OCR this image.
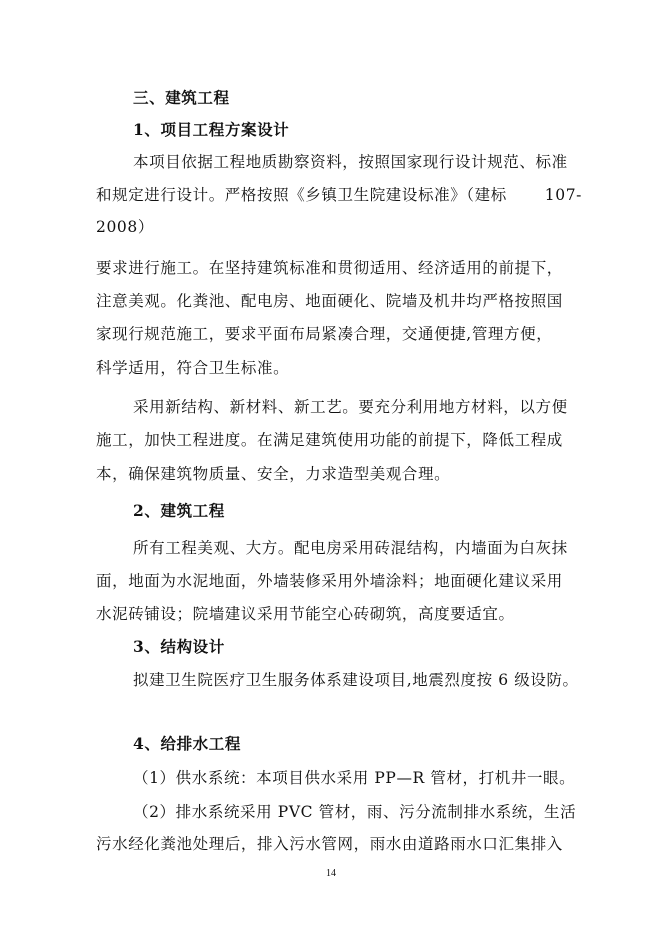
三、建筑工程
1、项目工程方案设计
本项目依据工程地质勘察资料，按照国家现行设计规范、标准
和规定进行设计。严格按照《乡镇卫生院建设标准》（建标 107-
2008）
要求进行施工。在坚持建筑标准和贯彻适用、经济适用的前提下，
注意美观。化粪池、配电房、地面硬化、院墙及机井均严格按照国
家现行规范施工，要求平面布局紧凑合理，交通便捷,管理方便，
科学适用，符合卫生标准。
采用新结构、新材料、新工艺。要充分利用地方材料，以方便
施工，加快工程进度。在满足建筑使用功能的前提下，降低工程成
本，确保建筑物质量、安全，力求造型美观合理。
2、建筑工程
所有工程美观、大方。配电房采用砖混结构，内墙面为白灰抹
面，地面为水泥地面，外墙装修采用外墙涂料；地面硬化建议采用
水泥砖铺设；院墙建议采用节能空心砖砌筑，高度要适宜。
3、结构设计
拟建卫生院医疗卫生服务体系建设项目,地震烈度按 6 级设防。
4、给排水工程
（1）供水系统：本项目供水采用 PP—R 管材，打机井一眼。
（2）排水系统采用 PVC 管材，雨、污分流制排水系统，生活
污水经化粪池处理后，排入污水管网，雨水由道路雨水口汇集排入
14
